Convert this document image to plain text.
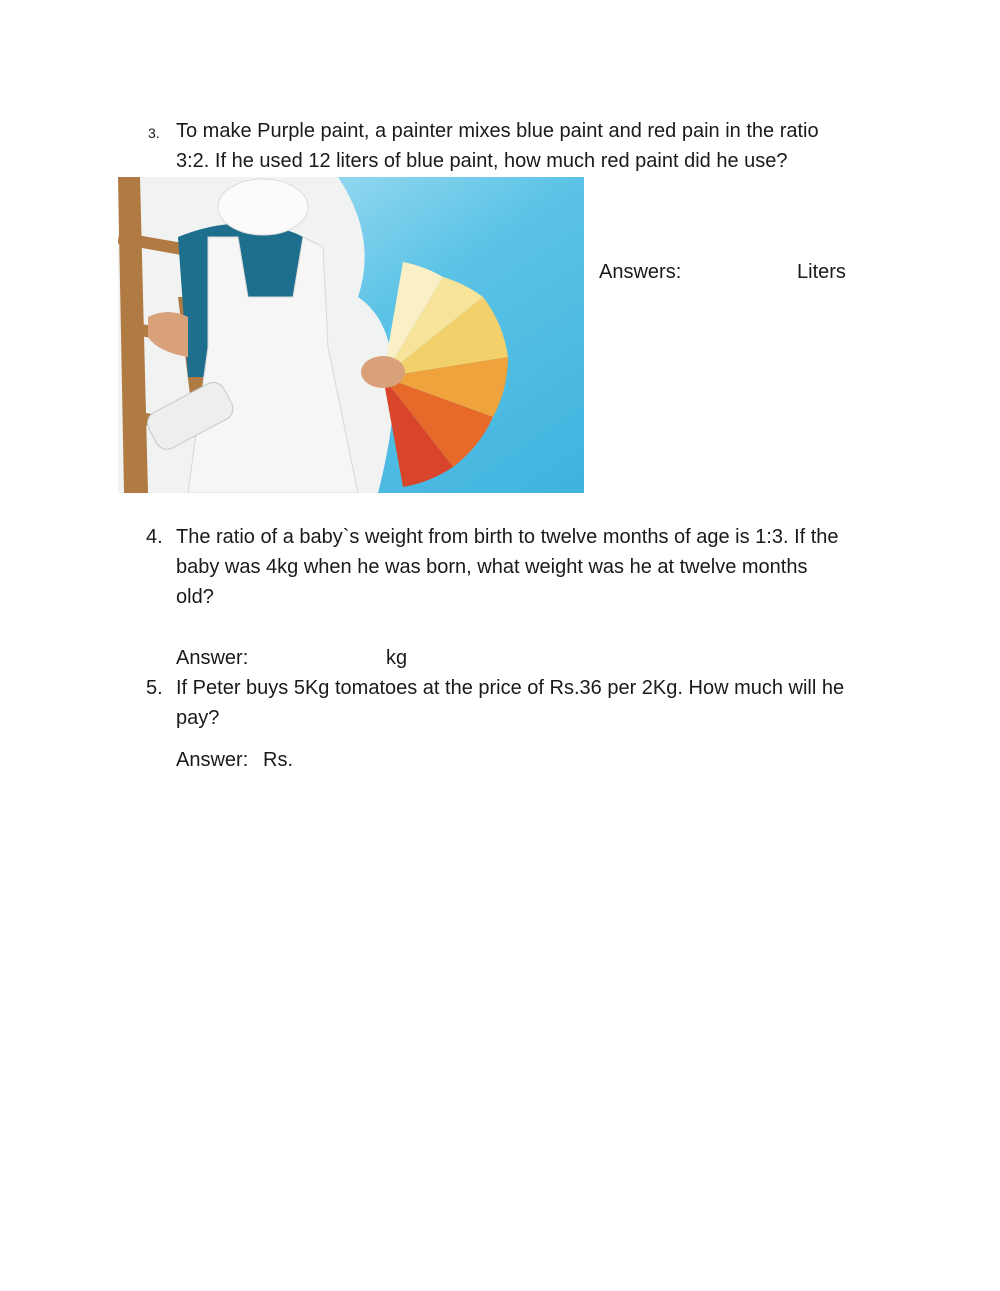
3. To make Purple paint, a painter mixes blue paint and red pain in the ratio
3:2. If he used 12 liters of blue paint, how much red paint did he use?
Answers:	Liters
4. The ratio of a baby`s weight from birth to twelve months of age is 1:3. If the
baby was 4kg when he was born, what weight was he at twelve months
old?
Answer:	kg
5. If Peter buys 5Kg tomatoes at the price of Rs.36 per 2Kg. How much will he
pay?
Answer: Rs.
